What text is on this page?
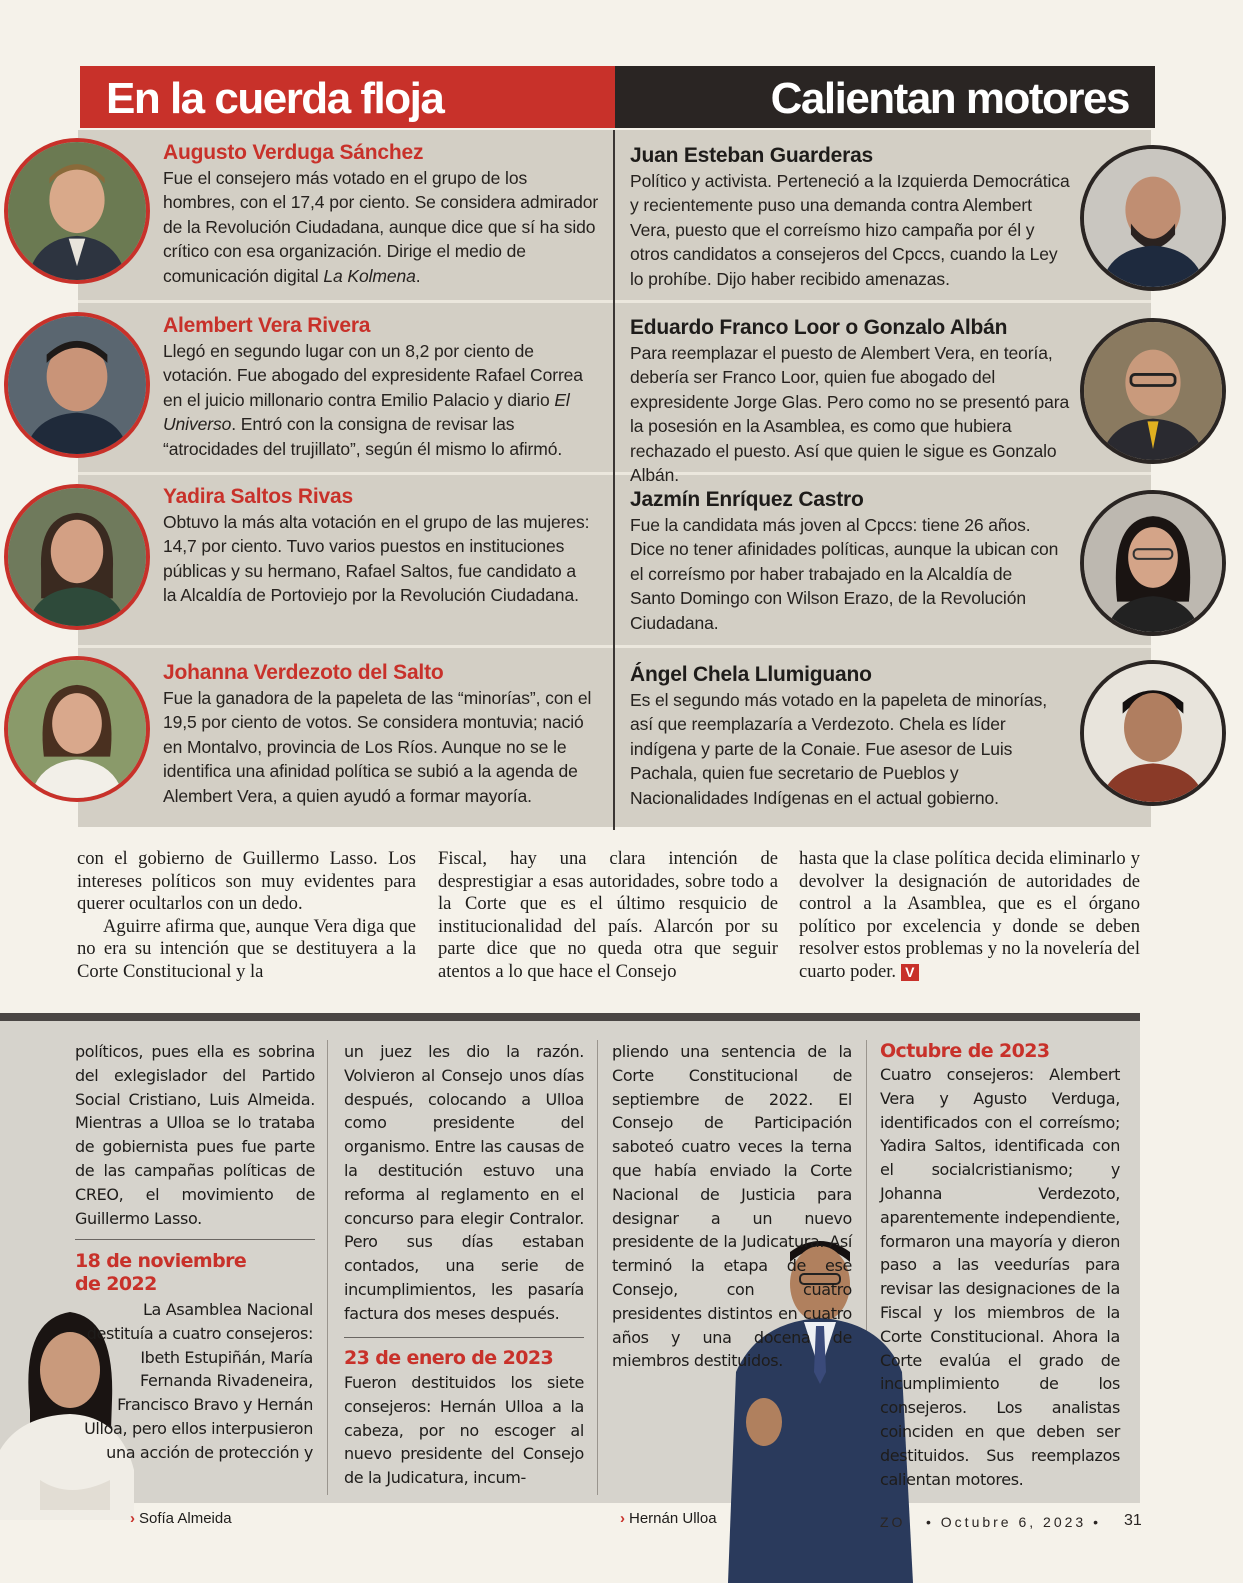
En la cuerda floja	Calientan motores
Augusto Verduga Sánchez
Fue el consejero más votado en el grupo de los hombres, con el 17,4 por ciento. Se considera admirador de la Revolución Ciudadana, aunque dice que sí ha sido crítico con esa organización. Dirige el medio de comunicación digital La Kolmena.
Alembert Vera Rivera
Llegó en segundo lugar con un 8,2 por ciento de votación. Fue abogado del expresidente Rafael Correa en el juicio millonario contra Emilio Palacio y diario El Universo. Entró con la consigna de revisar las “atrocidades del trujillato”, según él mismo lo afirmó.
Yadira Saltos Rivas
Obtuvo la más alta votación en el grupo de las mujeres: 14,7 por ciento. Tuvo varios puestos en instituciones públicas y su hermano, Rafael Saltos, fue candidato a la Alcaldía de Portoviejo por la Revolución Ciudadana.
Johanna Verdezoto del Salto
Fue la ganadora de la papeleta de las “minorías”, con el 19,5 por ciento de votos. Se considera montuvia; nació en Montalvo, provincia de Los Ríos. Aunque no se le identifica una afinidad política se subió a la agenda de Alembert Vera, a quien ayudó a formar mayoría.
Juan Esteban Guarderas
Político y activista. Perteneció a la Izquierda Democrática y recientemente puso una demanda contra Alembert Vera, puesto que el correísmo hizo campaña por él y otros candidatos a consejeros del Cpccs, cuando la Ley lo prohíbe. Dijo haber recibido amenazas.
Eduardo Franco Loor o Gonzalo Albán
Para reemplazar el puesto de Alembert Vera, en teoría, debería ser Franco Loor, quien fue abogado del expresidente Jorge Glas. Pero como no se presentó para la posesión en la Asamblea, es como que hubiera rechazado el puesto. Así que quien le sigue es Gonzalo Albán.
Jazmín Enríquez Castro
Fue la candidata más joven al Cpccs: tiene 26 años. Dice no tener afinidades políticas, aunque la ubican con el correísmo por haber trabajado en la Alcaldía de Santo Domingo con Wilson Erazo, de la Revolución Ciudadana.
Ángel Chela Llumiguano
Es el segundo más votado en la papeleta de minorías, así que reemplazaría a Verdezoto. Chela es líder indígena y parte de la Conaie. Fue asesor de Luis Pachala, quien fue secretario de Pueblos y Nacionalidades Indígenas en el actual gobierno.

con el gobierno de Guillermo Lasso. Los intereses políticos son muy evidentes para querer ocultarlos con un dedo.

Aguirre afirma que, aunque Vera diga que no era su intención que se destituyera a la Corte Constitucional y la

Fiscal, hay una clara intención de desprestigiar a esas autoridades, sobre todo a la Corte que es el último resquicio de institucionalidad del país. Alarcón por su parte dice que no queda otra que seguir atentos a lo que hace el Consejo

hasta que la clase política decida eliminarlo y devolver la designación de autoridades de control a la Asamblea, que es el órgano político por excelencia y donde se deben resolver estos problemas y no la novelería del cuarto poder. V

políticos, pues ella es sobrina del exlegislador del Partido Social Cristiano, Luis Almeida. Mientras a Ulloa se lo trataba de gobiernista pues fue parte de las campañas políticas de CREO, el movimiento de Guillermo Lasso.
18 de noviembre de 2022
La Asamblea Nacional destituía a cuatro consejeros: Ibeth Estupiñán, María Fernanda Rivadeneira, Francisco Bravo y Hernán Ulloa, pero ellos interpusieron una acción de protección y
un juez les dio la razón. Volvieron al Consejo unos días después, colocando a Ulloa como presidente del organismo. Entre las causas de la destitución estuvo una reforma al reglamento en el concurso para elegir Contralor. Pero sus días estaban contados, una serie de incumplimientos, les pasaría factura dos meses después.
23 de enero de 2023
Fueron destituidos los siete consejeros: Hernán Ulloa a la cabeza, por no escoger al nuevo presidente del Consejo de la Judicatura, incum-
pliendo una sentencia de la Corte Constitucional de septiembre de 2022. El Consejo de Participación saboteó cuatro veces la terna que había enviado la Corte Nacional de Justicia para designar a un nuevo presidente de la Judicatura. Así terminó la etapa de ese Consejo, con cuatro presidentes distintos en cuatro años y una docena de miembros destituidos.
Octubre de 2023
Cuatro consejeros: Alembert Vera y Agusto Verduga, identificados con el correísmo; Yadira Saltos, identificada con el socialcristianismo; y Johanna Verdezoto, aparentemente independiente, formaron una mayoría y dieron paso a las veedurías para revisar las designaciones de la Fiscal y los miembros de la Corte Constitucional. Ahora la Corte evalúa el grado de incumplimiento de los consejeros. Los analistas coinciden en que deben ser destituidos. Sus reemplazos calientan motores.
› Sofía Almeida	› Hernán Ulloa	ZO • Octubre 6, 2023 • 31
